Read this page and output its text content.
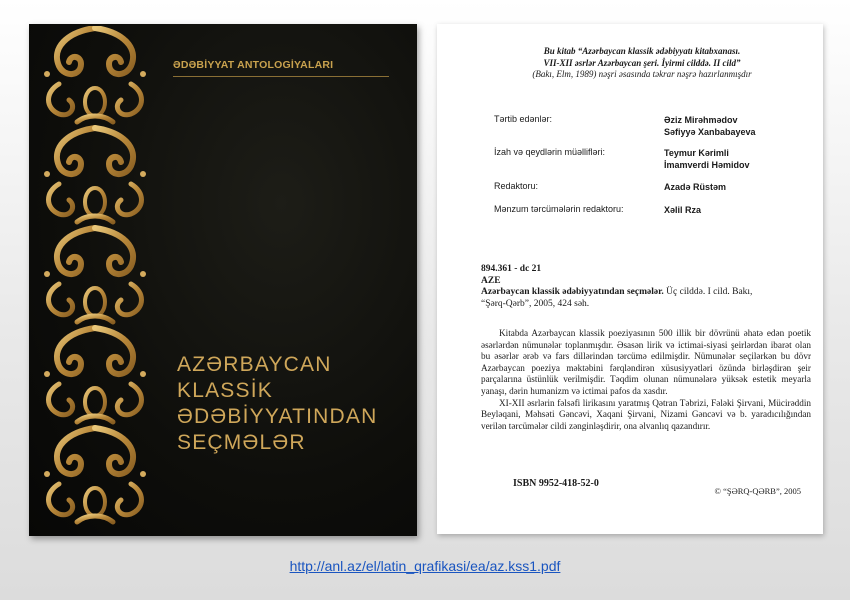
ƏDƏBİYYAT ANTOLOGİYALARI
AZƏRBAYCAN
KLASSİK
ƏDƏBİYYATINDAN
SEÇMƏLƏR
Bu kitab “Azərbaycan klassik ədəbiyyatı kitabxanası.
VII-XII əsrlər Azərbaycan şeri. İyirmi cilddə. II cild”
(Bakı, Elm, 1989) nəşri əsasında təkrar nəşrə hazırlanmışdır
Tərtib edənlər:	Əziz Mirəhmədov
Səfiyyə Xanbabayeva
İzah və qeydlərin müəllifləri:	Teymur Kərimli
İmamverdi Həmidov
Redaktoru:	Azadə Rüstəm
Mənzum tərcümələrin redaktoru:	Xəlil Rza
894.361 - dc 21
AZE
Azərbaycan klassik ədəbiyyatından seçmələr. Üç cilddə. I cild. Bakı,
“Şərq-Qərb”, 2005, 424 səh.

Kitabda Azərbaycan klassik poeziyasının 500 illik bir dövrünü əhatə edən poetik əsərlərdən nümunələr toplanmışdır. Əsasən lirik və ictimai-siyasi şeirlərdən ibarət olan bu əsərlər ərəb və fars dillərindən tərcümə edilmişdir. Nümunələr seçilərkən bu dövr Azərbaycan poeziya məktəbini fərqləndirən xüsusiyyətləri özündə birləşdirən şeir parçalarına üstünlük verilmişdir. Təqdim olunan nümunələrə yüksək estetik meyarla yanaşı, dərin humanizm və ictimai pafos da xasdır.

XI-XII əsrlərin fəlsəfi lirikasını yaratmış Qətran Təbrizi, Fələki Şirvani, Mücirəddin Beyləqani, Məhsəti Gəncəvi, Xaqani Şirvani, Nizami Gəncəvi və b. yaradıcılığından verilən tərcümələr cildi zənginləşdirir, ona əlvanlıq qazandırır.

ISBN 9952-418-52-0
© “ŞƏRQ-QƏRB”, 2005
http://anl.az/el/latin_qrafikasi/ea/az.kss1.pdf
